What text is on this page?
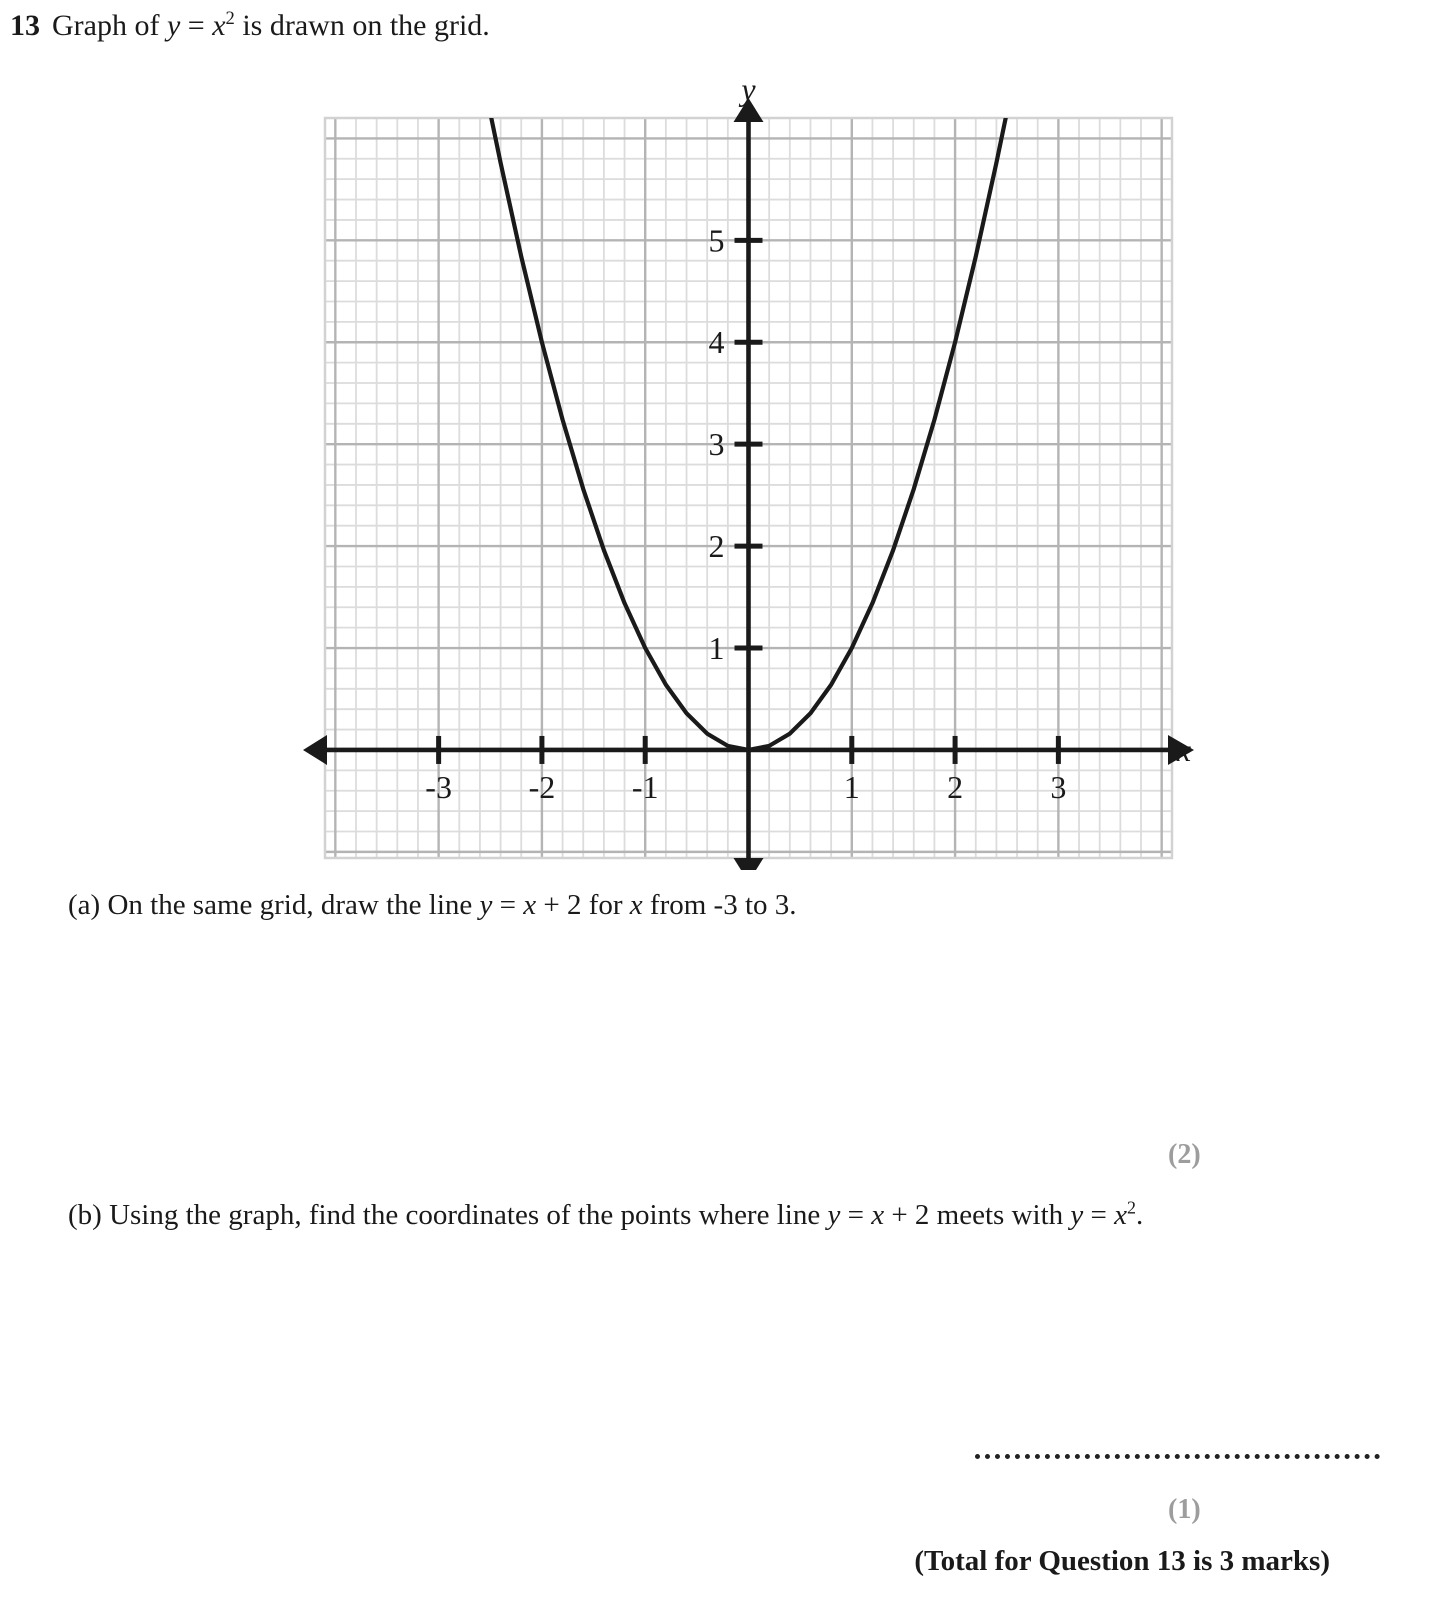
13 Graph of $y = x^2$ is drawn on the grid.
-3 -2 -1	1	2	3
1
2
3
4
5
y
x
(a) On the same grid, draw the line y = x + 2 for x from -3 to 3.
(2)
(b) Using the graph, find the coordinates of the points where line y = x + 2 meets with $y = x^2$.
(1)
(Total for Question 13 is 3 marks)
